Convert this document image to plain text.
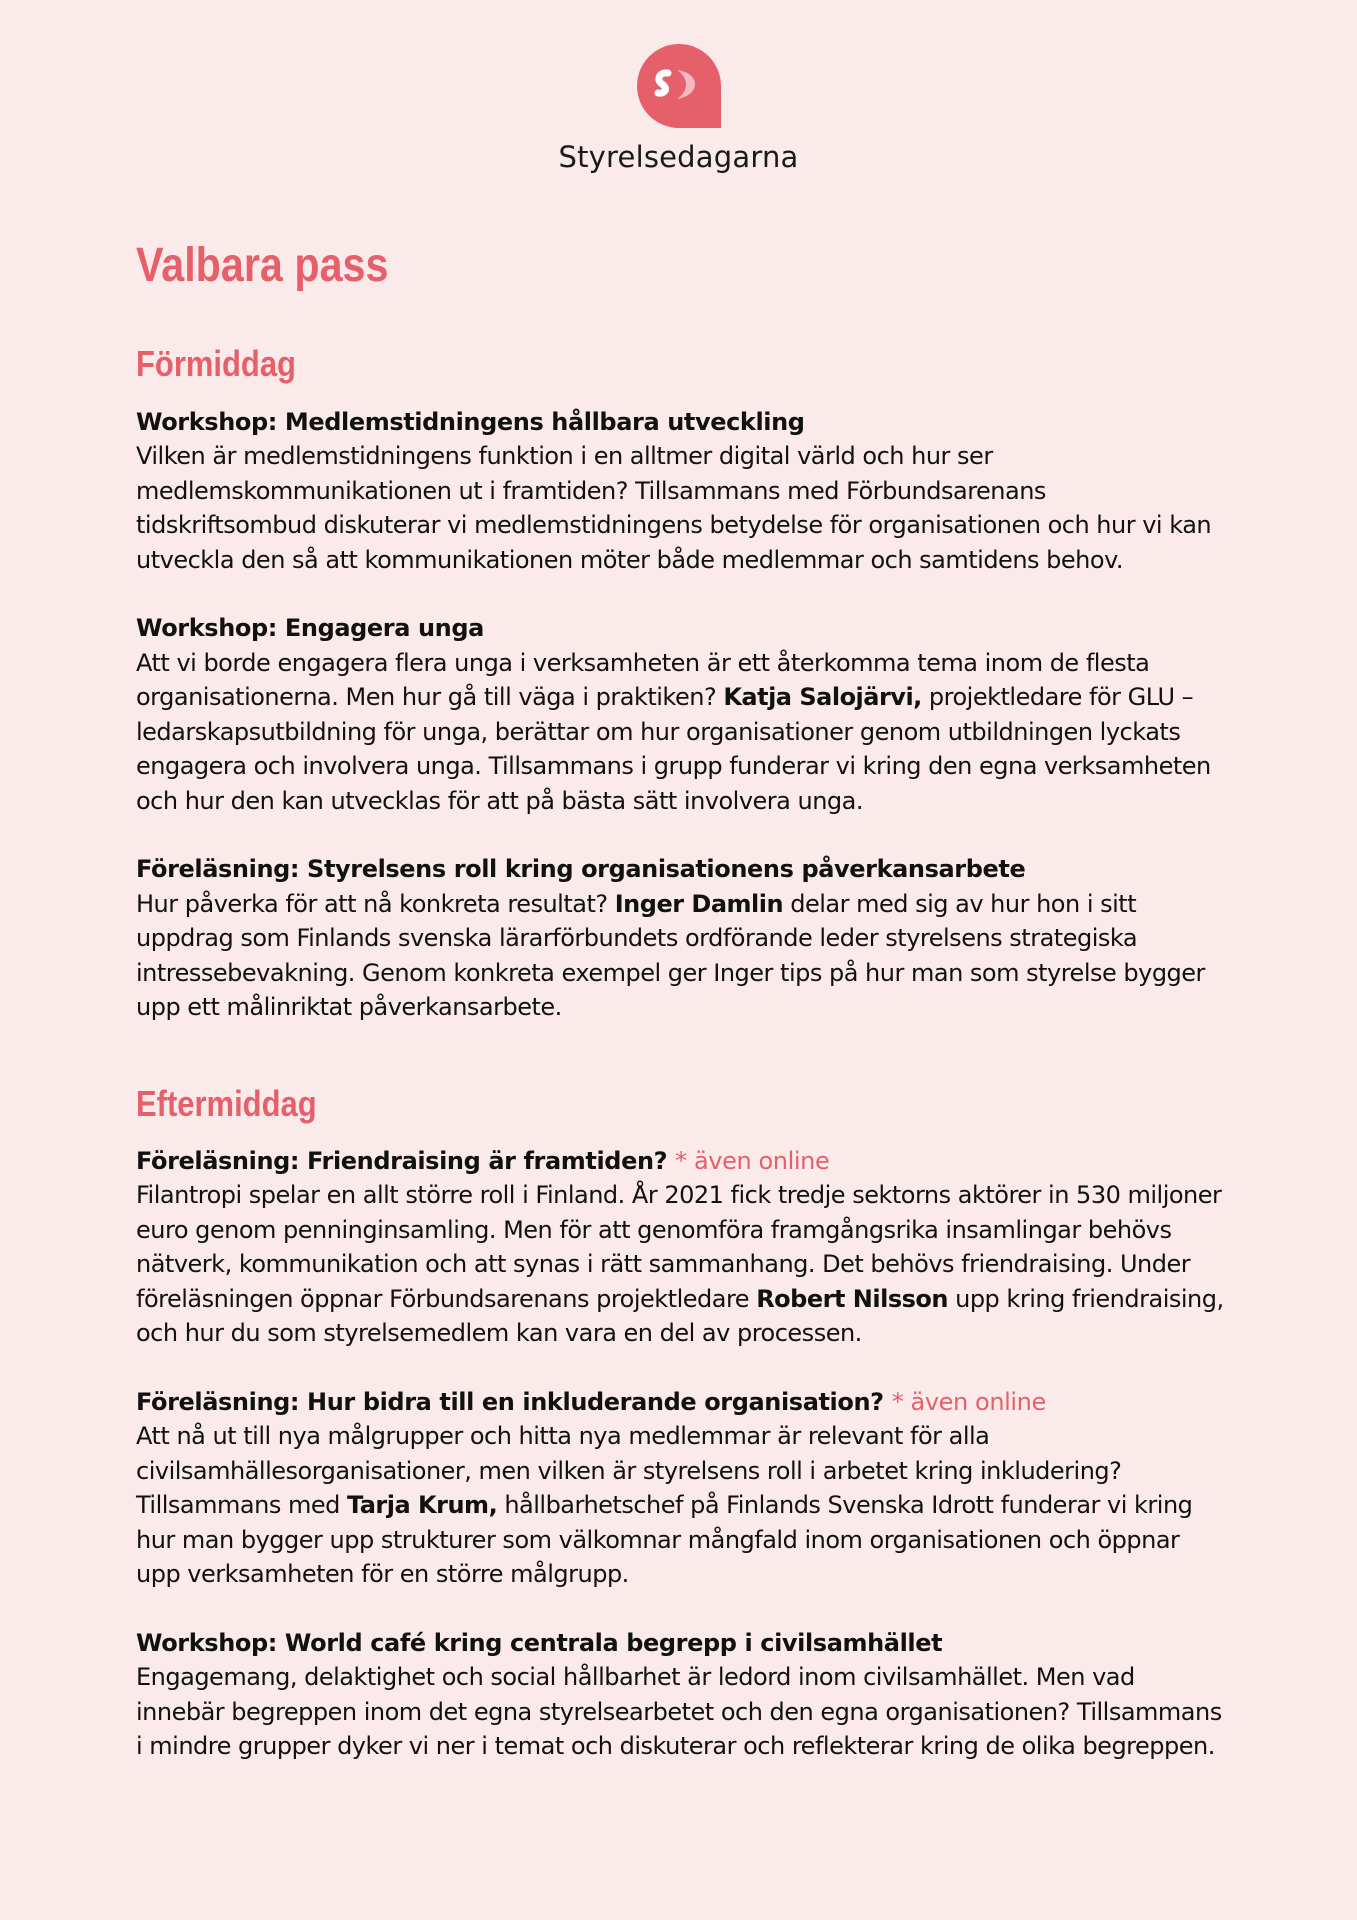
Styrelsedagarna
Valbara pass
Förmiddag
Workshop: Medlemstidningens hållbara utveckling
Vilken är medlemstidningens funktion i en alltmer digital värld och hur ser medlemskommunikationen ut i framtiden? Tillsammans med Förbundsarenans tidskriftsombud diskuterar vi medlemstidningens betydelse för organisationen och hur vi kan utveckla den så att kommunikationen möter både medlemmar och samtidens behov.
Workshop: Engagera unga
Att vi borde engagera flera unga i verksamheten är ett återkomma tema inom de flesta organisationerna. Men hur gå till väga i praktiken? Katja Salojärvi, projektledare för GLU – ledarskapsutbildning för unga, berättar om hur organisationer genom utbildningen lyckats engagera och involvera unga. Tillsammans i grupp funderar vi kring den egna verksamheten och hur den kan utvecklas för att på bästa sätt involvera unga.
Föreläsning: Styrelsens roll kring organisationens påverkansarbete
Hur påverka för att nå konkreta resultat? Inger Damlin delar med sig av hur hon i sitt uppdrag som Finlands svenska lärarförbundets ordförande leder styrelsens strategiska intressebevakning. Genom konkreta exempel ger Inger tips på hur man som styrelse bygger upp ett målinriktat påverkansarbete.
Eftermiddag
Föreläsning: Friendraising är framtiden? * även online
Filantropi spelar en allt större roll i Finland. År 2021 fick tredje sektorns aktörer in 530 miljoner euro genom penninginsamling. Men för att genomföra framgångsrika insamlingar behövs nätverk, kommunikation och att synas i rätt sammanhang. Det behövs friendraising. Under föreläsningen öppnar Förbundsarenans projektledare Robert Nilsson upp kring friendraising, och hur du som styrelsemedlem kan vara en del av processen.
Föreläsning: Hur bidra till en inkluderande organisation? * även online
Att nå ut till nya målgrupper och hitta nya medlemmar är relevant för alla civilsamhällesorganisationer, men vilken är styrelsens roll i arbetet kring inkludering? Tillsammans med Tarja Krum, hållbarhetschef på Finlands Svenska Idrott funderar vi kring hur man bygger upp strukturer som välkomnar mångfald inom organisationen och öppnar upp verksamheten för en större målgrupp.
Workshop: World café kring centrala begrepp i civilsamhället
Engagemang, delaktighet och social hållbarhet är ledord inom civilsamhället. Men vad innebär begreppen inom det egna styrelsearbetet och den egna organisationen? Tillsammans i mindre grupper dyker vi ner i temat och diskuterar och reflekterar kring de olika begreppen.
